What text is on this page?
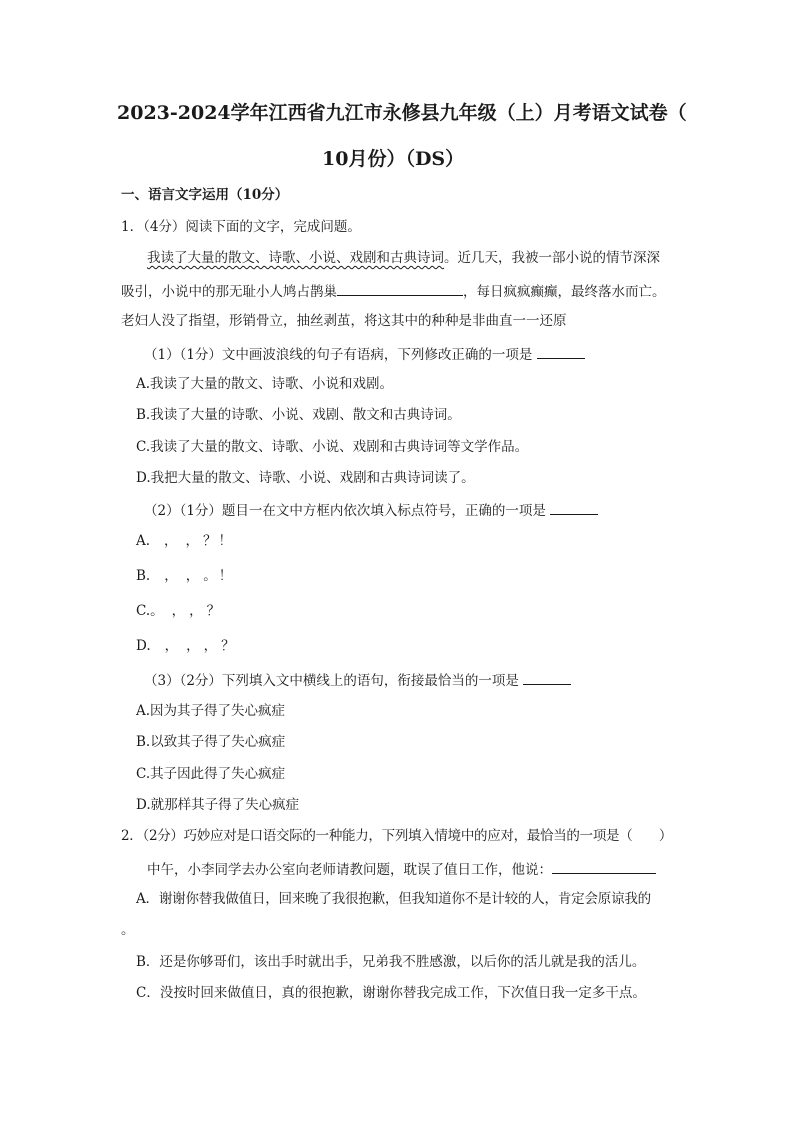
2023-2024学年江西省九江市永修县九年级（上）月考语文试卷（
10月份）（DS）
一、语言文字运用（10分）
1．（4分）阅读下面的文字，完成问题。
我读了大量的散文、诗歌、小说、戏剧和古典诗词。近几天，我被一部小说的情节深深
吸引，小说中的那无耻小人鸠占鹊巢	，每日疯疯癫癫，最终落水而亡。
老妇人没了指望，形销骨立，抽丝剥茧，将这其中的种种是非曲直一一还原
（1）（1分）文中画波浪线的句子有语病，下列修改正确的一项是
A.我读了大量的散文、诗歌、小说和戏剧。
B.我读了大量的诗歌、小说、戏剧、散文和古典诗词。
C.我读了大量的散文、诗歌、小说、戏剧和古典诗词等文学作品。
D.我把大量的散文、诗歌、小说、戏剧和古典诗词读了。
（2）（1分）题目一在文中方框内依次填入标点符号，正确的一项是
A. ， ， ？ ！
B. ， ， 。 ！
C.。 ， ， ？
D. ， ， ， ？
（3）（2分）下列填入文中横线上的语句，衔接最恰当的一项是
A.因为其子得了失心疯症
B.以致其子得了失心疯症
C.其子因此得了失心疯症
D.就那样其子得了失心疯症
2．（2分）巧妙应对是口语交际的一种能力，下列填入情境中的应对，最恰当的一项是（　　）
中午，小李同学去办公室向老师请教问题，耽误了值日工作，他说：
A．谢谢你替我做值日，回来晚了我很抱歉，但我知道你不是计较的人，肯定会原谅我的
。
B．还是你够哥们，该出手时就出手，兄弟我不胜感激，以后你的活儿就是我的活儿。
C．没按时回来做值日，真的很抱歉，谢谢你替我完成工作，下次值日我一定多干点。
